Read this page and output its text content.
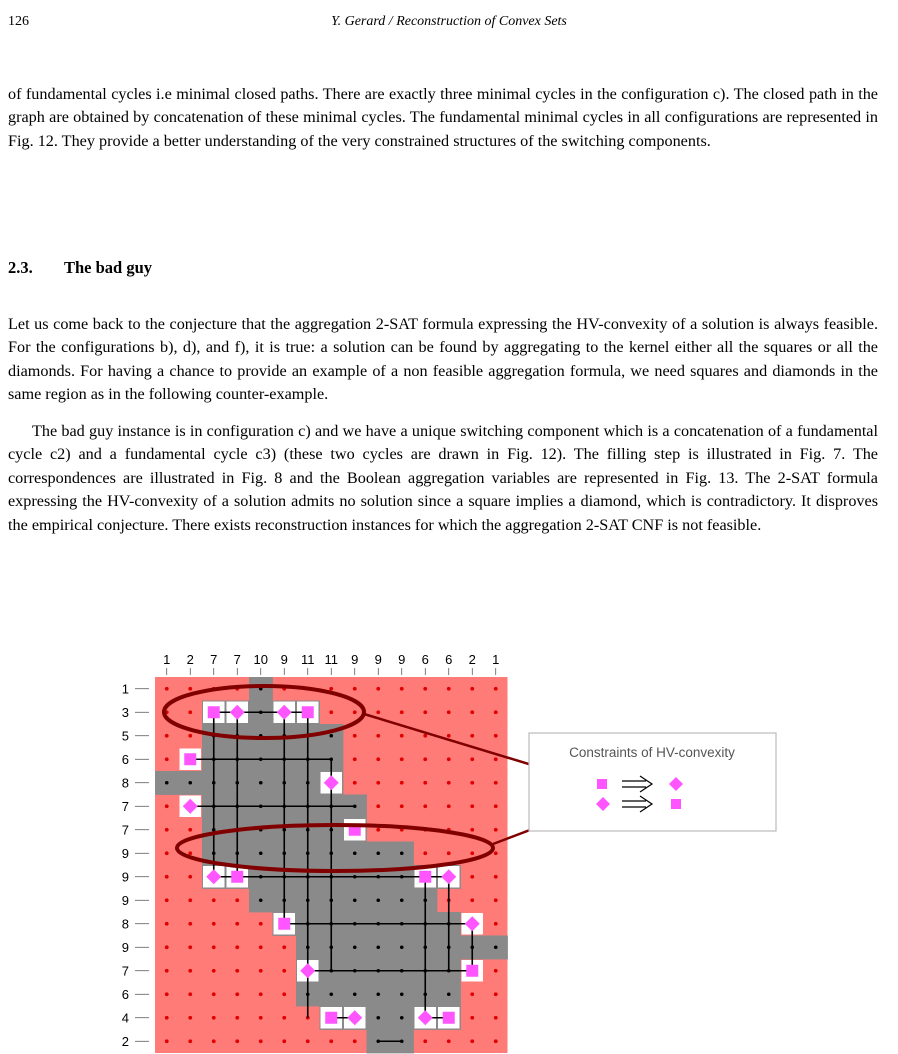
126	Y. Gerard / Reconstruction of Convex Sets

of fundamental cycles i.e minimal closed paths. There are exactly three minimal cycles in the configuration c). The closed path in the graph are obtained by concatenation of these minimal cycles. The fundamental minimal cycles in all configurations are represented in Fig. 12. They provide a better understanding of the very constrained structures of the switching components.

2.3. The bad guy

Let us come back to the conjecture that the aggregation 2-SAT formula expressing the HV-convexity of a solution is always feasible. For the configurations b), d), and f), it is true: a solution can be found by aggregating to the kernel either all the squares or all the diamonds. For having a chance to provide an example of a non feasible aggregation formula, we need squares and diamonds in the same region as in the following counter-example.

The bad guy instance is in configuration c) and we have a unique switching component which is a concatenation of a fundamental cycle c2) and a fundamental cycle c3) (these two cycles are drawn in Fig. 12). The filling step is illustrated in Fig. 7. The correspondences are illustrated in Fig. 8 and the Boolean aggregation variables are represented in Fig. 13. The 2-SAT formula expressing the HV-convexity of a solution admits no solution since a square implies a diamond, which is contradictory. It disproves the empirical conjecture. There exists reconstruction instances for which the aggregation 2-SAT CNF is not feasible.

1 2 7 7 10 9 11 11 9 9 9 6 6 2 1
1
3
5
6
8
7
7
9
9
9
8
9
7
6
4
2
Constraints of HV-convexity
